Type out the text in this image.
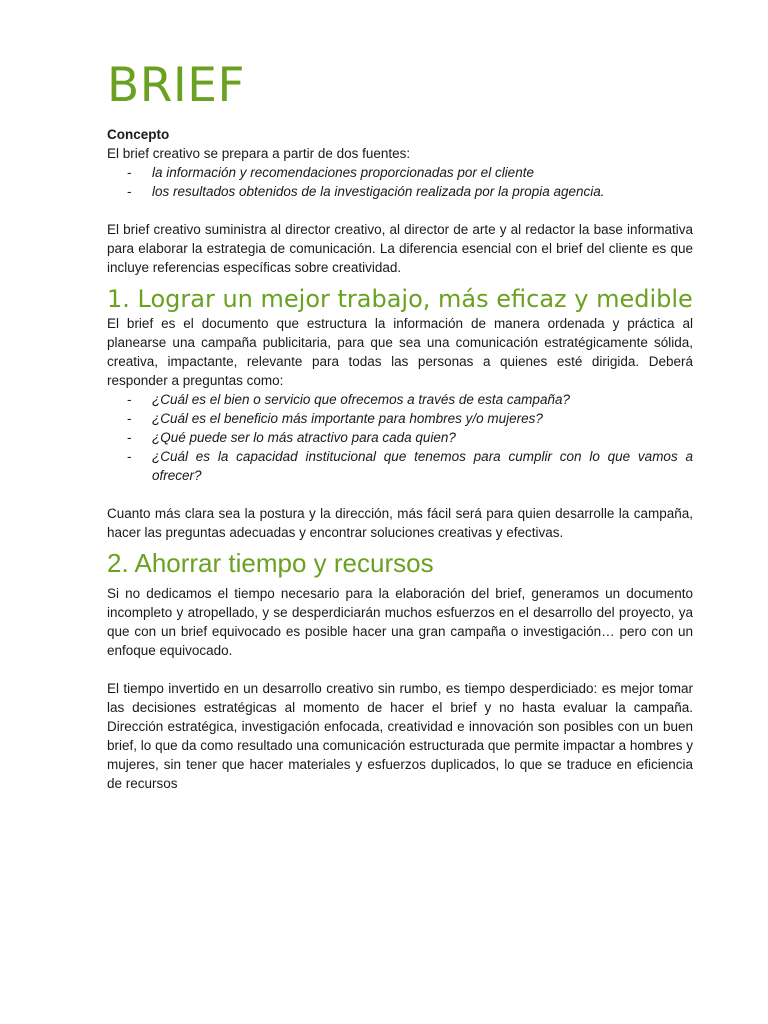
BRIEF
Concepto

El brief creativo se prepara a partir de dos fuentes:

- la información y recomendaciones proporcionadas por el cliente
- los resultados obtenidos de la investigación realizada por la propia agencia.

El brief creativo suministra al director creativo, al director de arte y al redactor la base informativa para elaborar la estrategia de comunicación. La diferencia esencial con el brief del cliente es que incluye referencias específicas sobre creatividad.

1. Lograr un mejor trabajo, más eficaz y medible

El brief es el documento que estructura la información de manera ordenada y práctica al planearse una campaña publicitaria, para que sea una comunicación estratégicamente sólida, creativa, impactante, relevante para todas las personas a quienes esté dirigida. Deberá responder a preguntas como:

- ¿Cuál es el bien o servicio que ofrecemos a través de esta campaña?
- ¿Cuál es el beneficio más importante para hombres y/o mujeres?
- ¿Qué puede ser lo más atractivo para cada quien?
- ¿Cuál es la capacidad institucional que tenemos para cumplir con lo que vamos a ofrecer?

Cuanto más clara sea la postura y la dirección, más fácil será para quien desarrolle la campaña, hacer las preguntas adecuadas y encontrar soluciones creativas y efectivas.

2. Ahorrar tiempo y recursos

Si no dedicamos el tiempo necesario para la elaboración del brief, generamos un documento incompleto y atropellado, y se desperdiciarán muchos esfuerzos en el desarrollo del proyecto, ya que con un brief equivocado es posible hacer una gran campaña o investigación… pero con un enfoque equivocado.

El tiempo invertido en un desarrollo creativo sin rumbo, es tiempo desperdiciado: es mejor tomar las decisiones estratégicas al momento de hacer el brief y no hasta evaluar la campaña. Dirección estratégica, investigación enfocada, creatividad e innovación son posibles con un buen brief, lo que da como resultado una comunicación estructurada que permite impactar a hombres y mujeres, sin tener que hacer materiales y esfuerzos duplicados, lo que se traduce en eficiencia de recursos
